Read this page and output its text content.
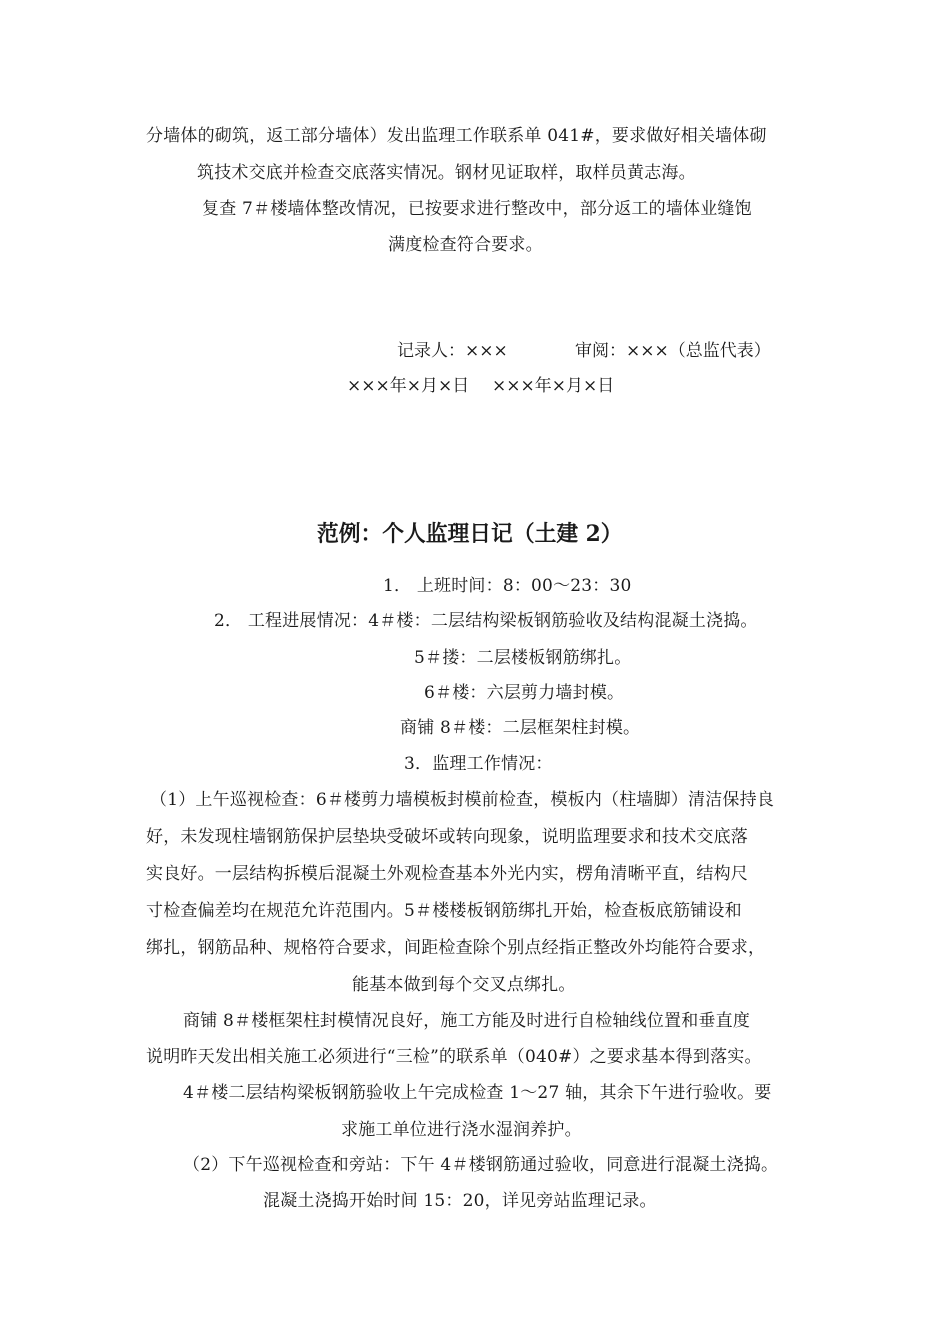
分墙体的砌筑，返工部分墙体）发出监理工作联系单 041#，要求做好相关墙体砌
筑技术交底并检查交底落实情况。钢材见证取样，取样员黄志海。
复查 7＃楼墙体整改情况，已按要求进行整改中，部分返工的墙体业缝饱
满度检查符合要求。
记录人：×××	审阅：×××（总监代表）
×××年×月×日 ×××年×月×日
范例：个人监理日记（土建 2）
1． 上班时间：8：00～23：30
2． 工程进展情况：4＃楼：二层结构梁板钢筋验收及结构混凝土浇捣。
5＃搂：二层楼板钢筋绑扎。
6＃楼：六层剪力墙封模。
商铺 8＃楼：二层框架柱封模。
3．监理工作情况：
（1）上午巡视检查：6＃楼剪力墙模板封模前检查，模板内（柱墙脚）清洁保持良
好，未发现柱墙钢筋保护层垫块受破坏或转向现象，说明监理要求和技术交底落
实良好。一层结构拆模后混凝土外观检查基本外光内实，楞角清晰平直，结构尺
寸检查偏差均在规范允许范围内。5＃楼楼板钢筋绑扎开始，检查板底筋铺设和
绑扎，钢筋品种、规格符合要求，间距检查除个别点经指正整改外均能符合要求，
能基本做到每个交叉点绑扎。
商铺 8＃楼框架柱封模情况良好，施工方能及时进行自检轴线位置和垂直度
说明昨天发出相关施工必须进行“三检”的联系单（040#）之要求基本得到落实。
4＃楼二层结构梁板钢筋验收上午完成检查 1～27 轴，其余下午进行验收。要
求施工单位进行浇水湿润养护。
（2）下午巡视检查和旁站：下午 4＃楼钢筋通过验收，同意进行混凝土浇捣。
混凝土浇捣开始时间 15：20，详见旁站监理记录。
